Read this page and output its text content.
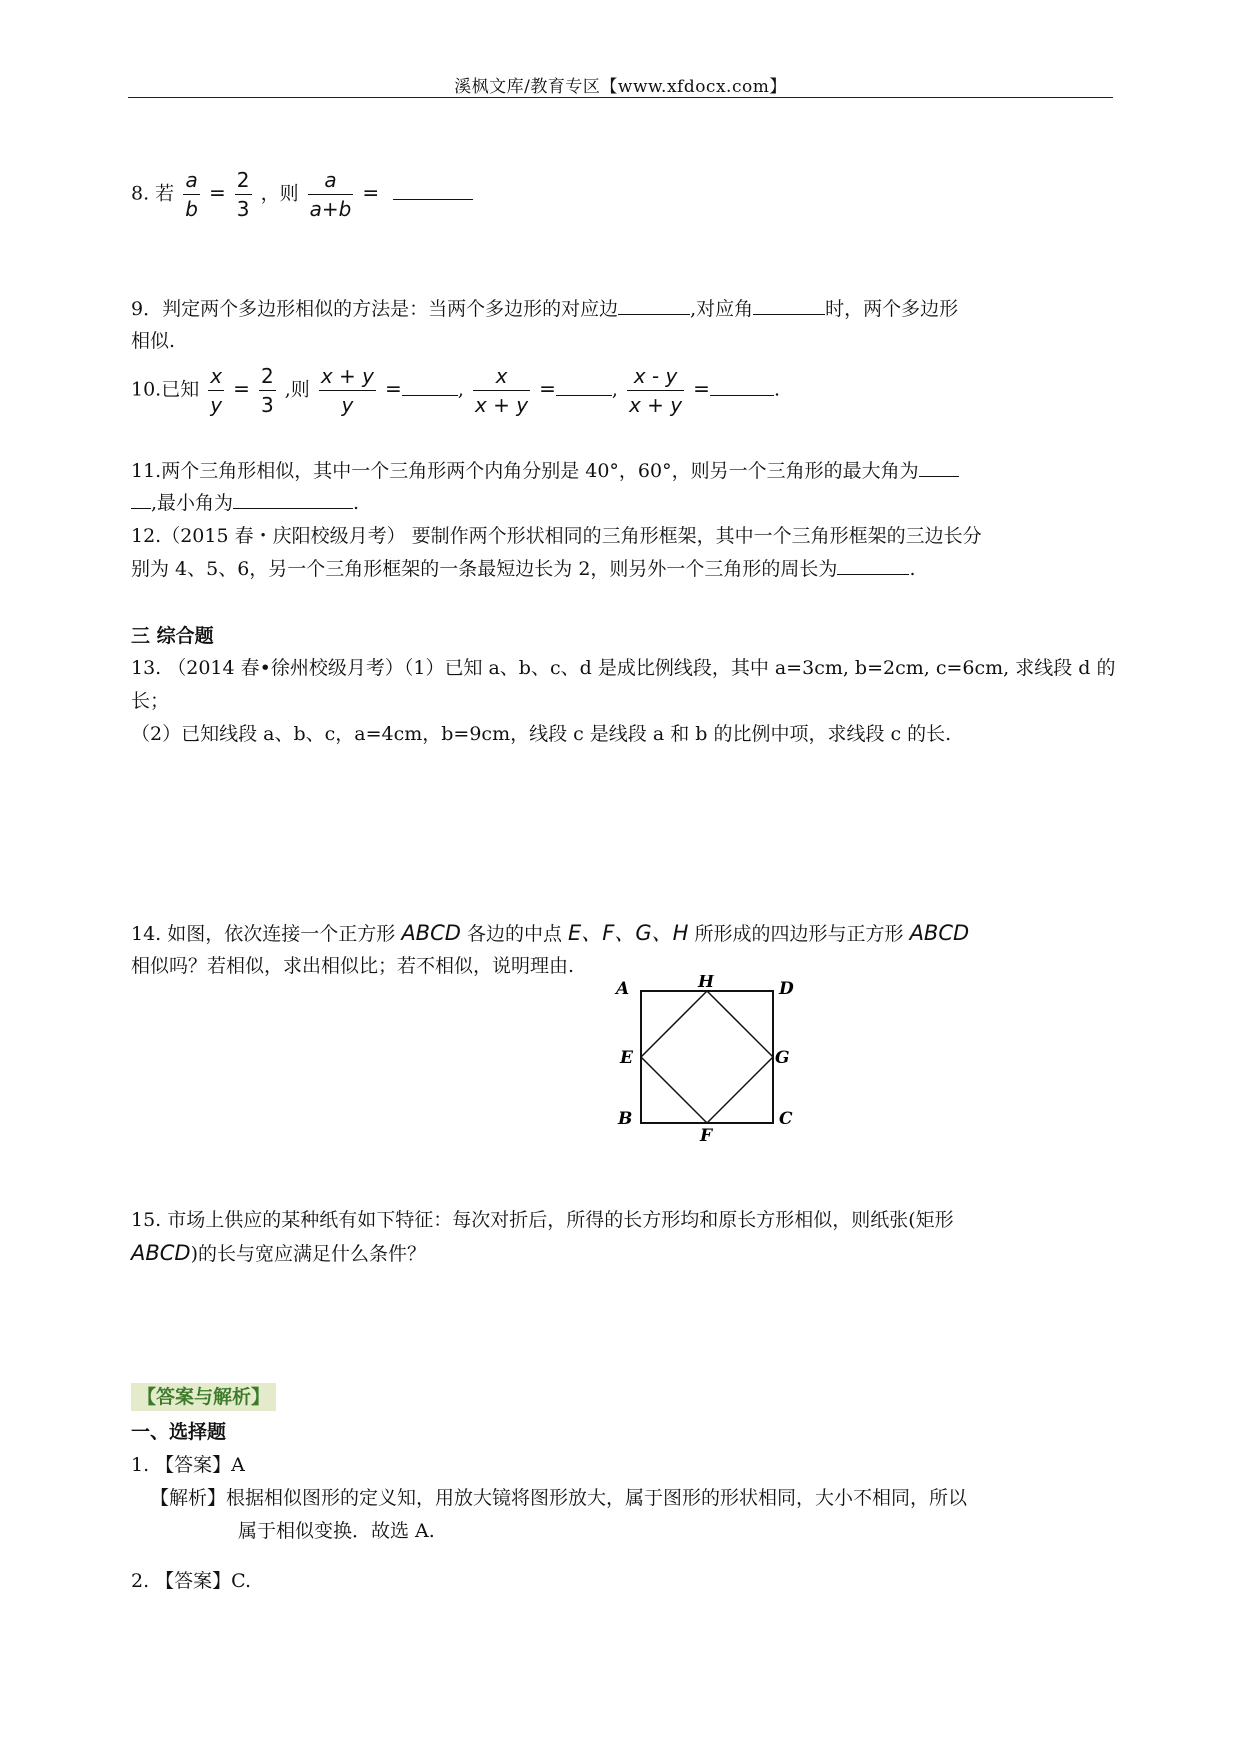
溪枫文库/教育专区【www.xfdocx.com】
8. 若 $\frac{a}{b} = \frac{2}{3}$ ，则 $\frac{a}{a+b}$ =
9．判定两个多边形相似的方法是：当两个多边形的对应边	,对应角	时，两个多边形
相似.
10.已知 $\frac{x}{y} = \frac{2}{3}$ ,则 $\frac{x + y}{y}$ =	, $\frac{x}{x + y}$ =	, $\frac{x - y}{x + y}$ =	.
11.两个三角形相似，其中一个三角形两个内角分别是 40°，60°，则另一个三角形的最大角为
,最小角为	.
12.（2015 春・庆阳校级月考） 要制作两个形状相同的三角形框架，其中一个三角形框架的三边长分
别为 4、5、6，另一个三角形框架的一条最短边长为 2，则另外一个三角形的周长为	.
三 综合题
13. （2014 春•徐州校级月考）（1）已知 a、b、c、d 是成比例线段，其中 a=3cm, b=2cm, c=6cm, 求线段 d 的
长；
（2）已知线段 a、b、c，a=4cm，b=9cm，线段 c 是线段 a 和 b 的比例中项，求线段 c 的长.
14. 如图，依次连接一个正方形 ABCD 各边的中点 E、F、G、H 所形成的四边形与正方形 ABCD
相似吗？若相似，求出相似比；若不相似，说明理由.
A	H	D
E	G
B
F
C
15. 市场上供应的某种纸有如下特征：每次对折后，所得的长方形均和原长方形相似，则纸张(矩形
ABCD)的长与宽应满足什么条件？
【答案与解析】
一、选择题
1. 【答案】A
【解析】根据相似图形的定义知，用放大镜将图形放大，属于图形的形状相同，大小不相同，所以
属于相似变换．故选 A.
2. 【答案】C.
